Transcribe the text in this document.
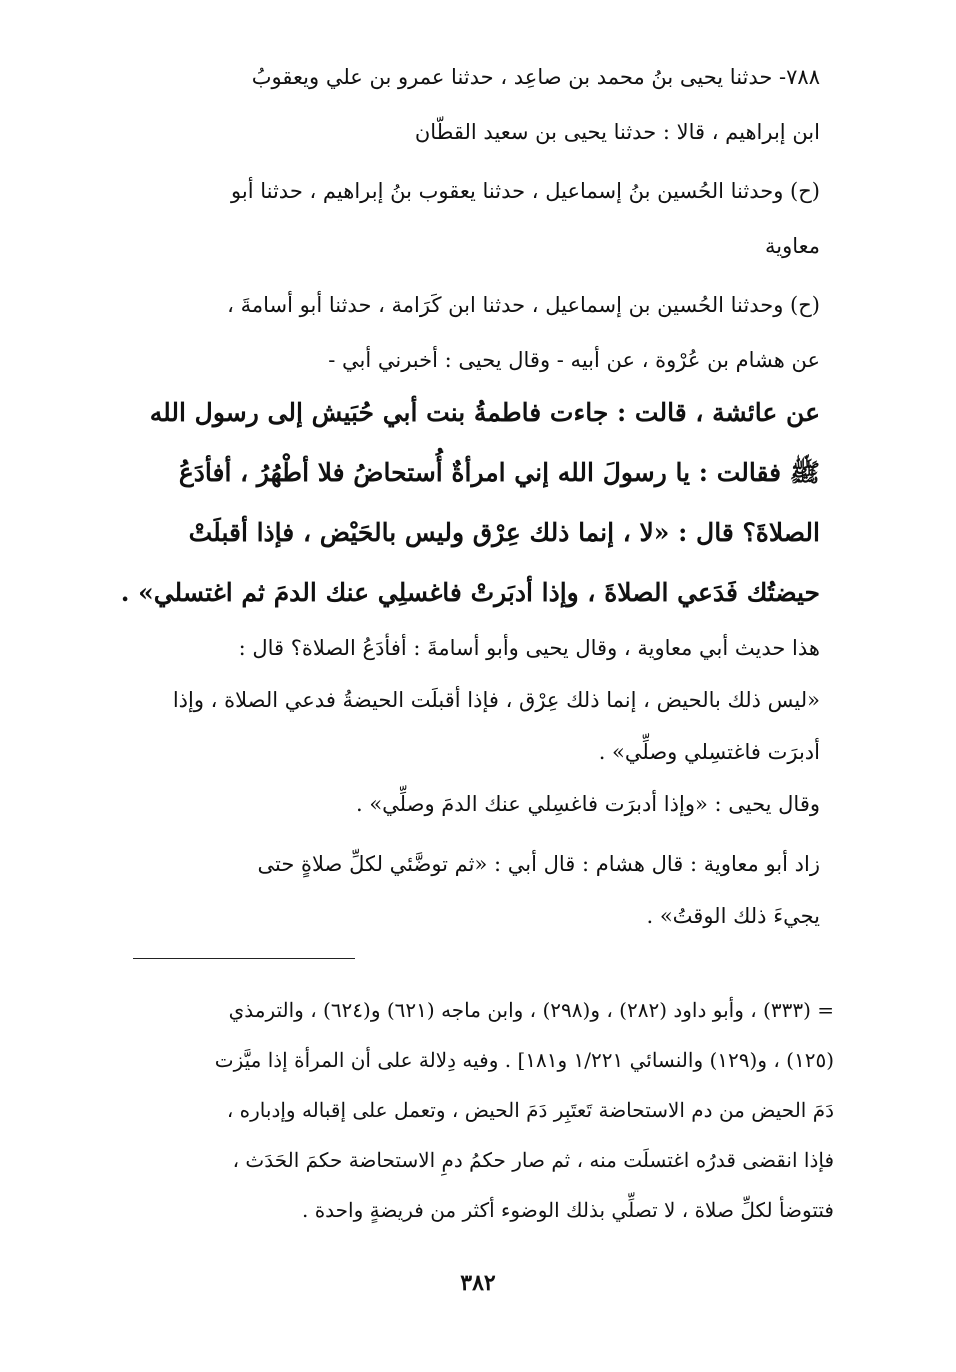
٧٨٨- حدثنا يحيى بنُ محمد بن صاعِد ، حدثنا عمرو بن علي ويعقوبُ
ابن إبراهيم ، قالا : حدثنا يحيى بن سعيد القطّان
(ح) وحدثنا الحُسين بنُ إسماعيل ، حدثنا يعقوب بنُ إبراهيم ، حدثنا أبو
معاوية
(ح) وحدثنا الحُسين بن إسماعيل ، حدثنا ابن كَرَامة ، حدثنا أبو أسامةَ ،
عن هشام بن عُرْوة ، عن أبيه - وقال يحيى : أخبرني أبي -
عن عائشة ، قالت : جاءت فاطمةُ بنت أبي حُبَيش إلى رسول الله
ﷺ فقالت : يا رسولَ الله إني امرأةٌ أُستحاضُ فلا أطْهُرُ ، أفأدَعُ
الصلاةَ؟ قال : «لا ، إنما ذلك عِرْق وليس بالحَيْض ، فإذا أقبلَتْ
حيضتُك فَدَعي الصلاةَ ، وإذا أدبَرتْ فاغسلِي عنك الدمَ ثم اغتسلي» .
هذا حديث أبي معاوية ، وقال يحيى وأبو أسامةَ : أفأدَعُ الصلاة؟ قال :
«ليس ذلك بالحيض ، إنما ذلك عِرْق ، فإذا أقبلَت الحيضةُ فدعي الصلاة ، وإذا
أدبرَت فاغتسِلي وصلِّي» .
وقال يحيى : «وإذا أدبرَت فاغسِلي عنك الدمَ وصلِّي» .
زاد أبو معاوية : قال هشام : قال أبي : «ثم توضَّئي لكلِّ صلاةٍ حتى
يجيءَ ذلك الوقتُ» .
= (٣٣٣) ، وأبو داود (٢٨٢) ، و(٢٩٨) ، وابن ماجه (٦٢١) و(٦٢٤) ، والترمذي
(١٢٥) ، و(١٢٩) والنسائي ١/٢٢١ و١٨١] . وفيه دِلالة على أن المرأة إذا ميَّزت
دَمَ الحيض من دم الاستحاضة تَعتَبِر دَمَ الحيض ، وتعمل على إقباله وإدباره ،
فإذا انقضى قدرُه اغتسلَت منه ، ثم صار حكمُ دمِ الاستحاضة حكمَ الحَدَث ،
فتتوضأ لكلِّ صلاة ، لا تصلِّي بذلك الوضوء أكثر من فريضةٍ واحدة .
٣٨٢
